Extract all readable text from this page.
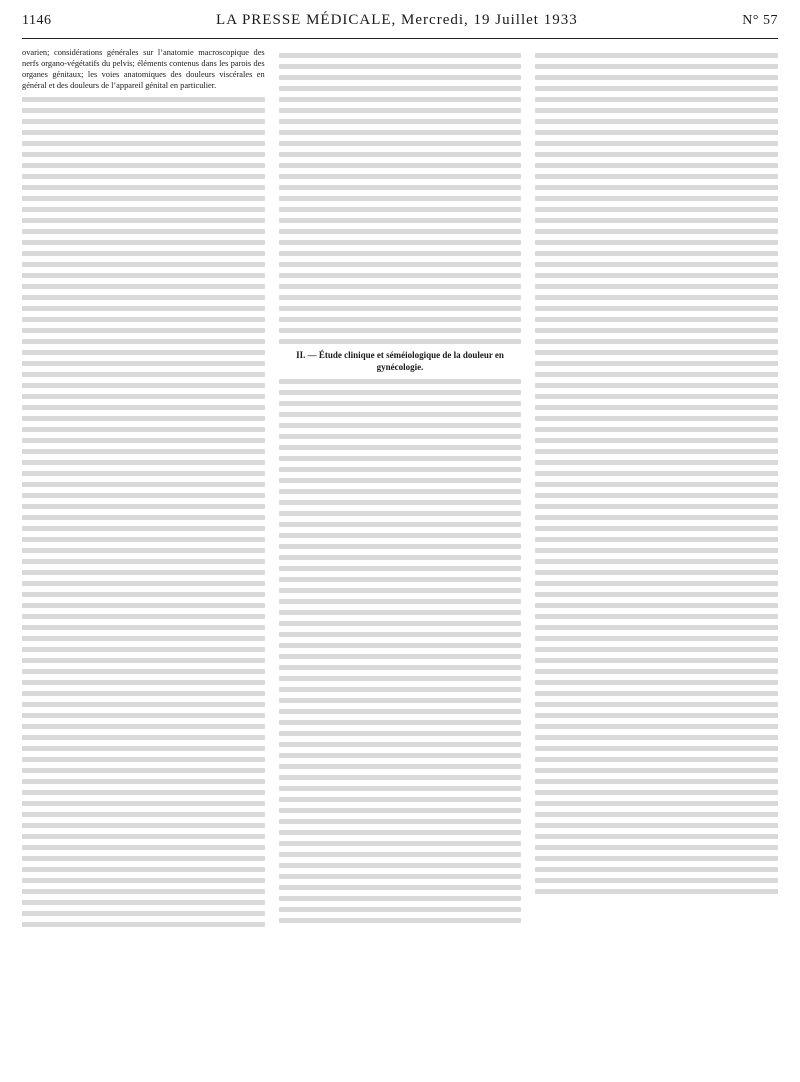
1146	LA PRESSE MÉDICALE, Mercredi, 19 Juillet 1933	N° 57

ovarien; considérations générales sur l’anatomie macroscopique des nerfs organo-végétatifs du pelvis; éléments contenus dans les parois des organes génitaux; les voies anatomiques des douleurs viscérales en général et des douleurs de l’appareil génital en particulier.

II. — Étude clinique et séméiologique de la douleur en gynécologie.
